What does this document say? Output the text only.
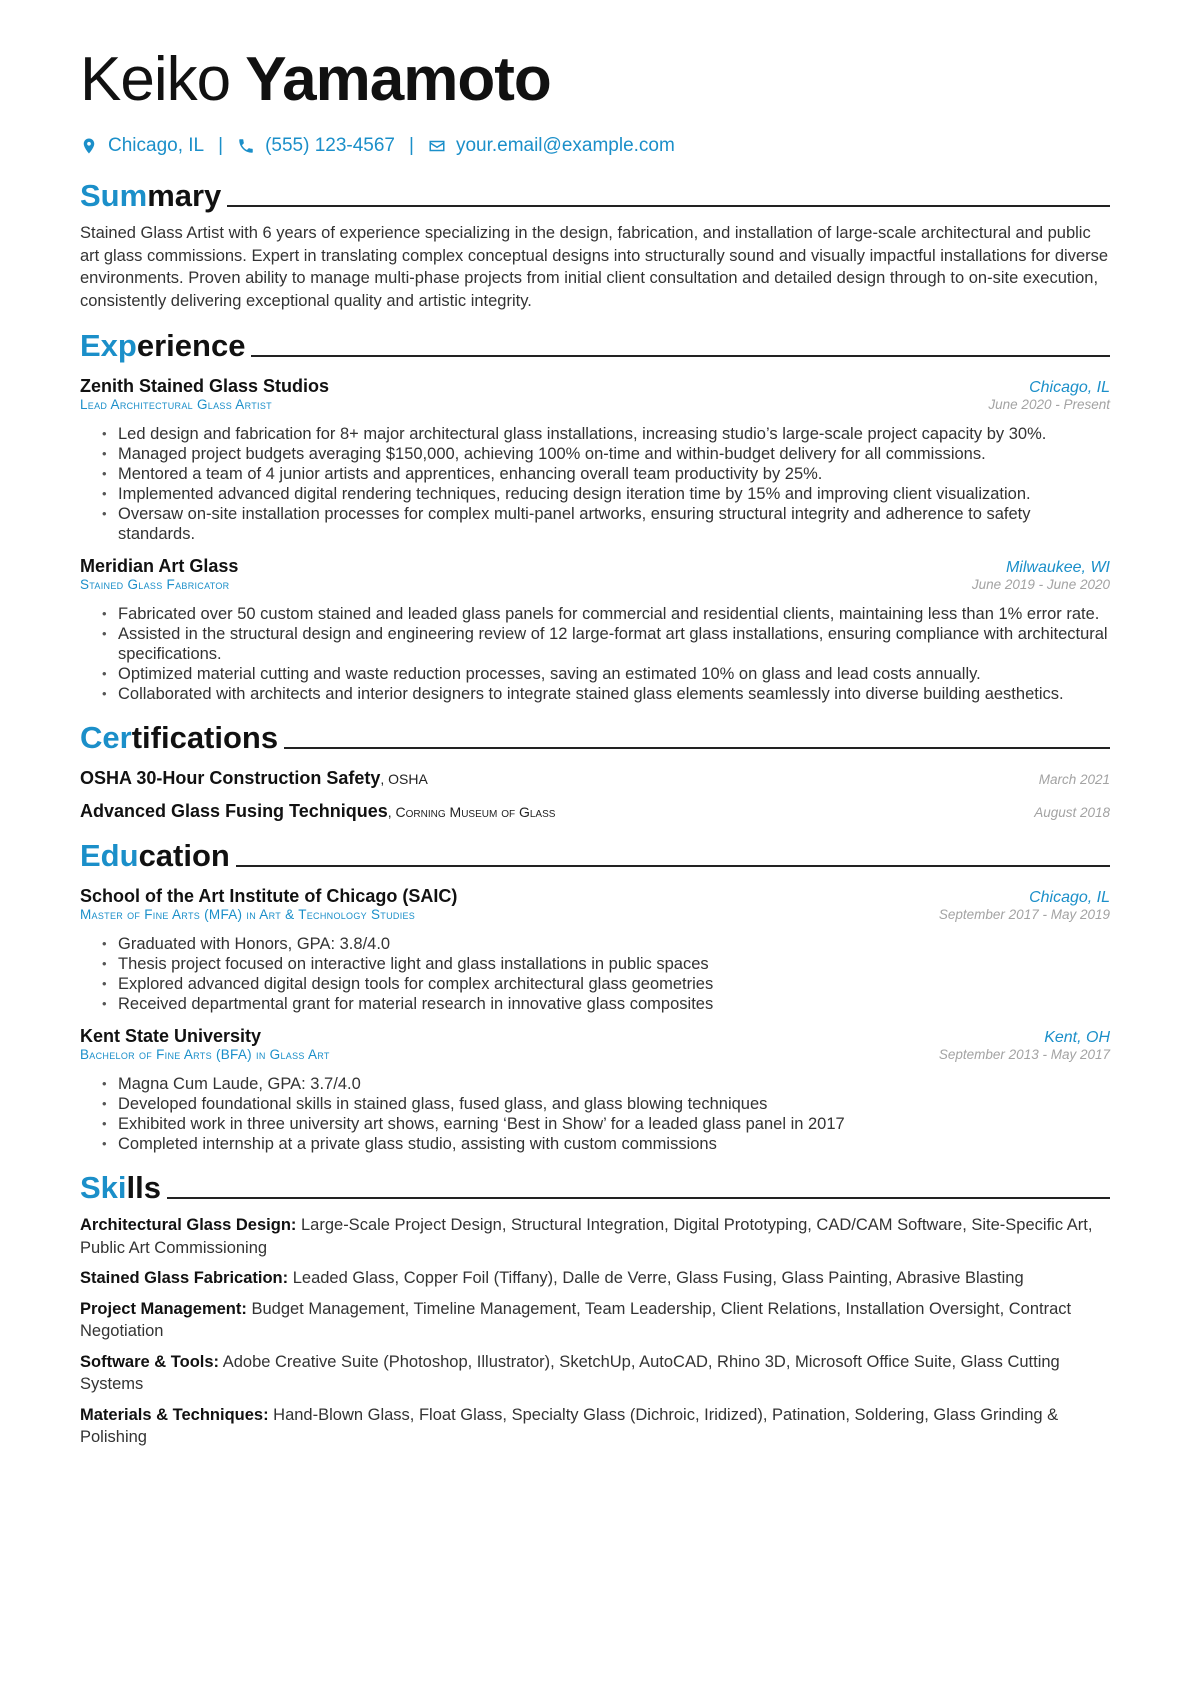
Keiko Yamamoto
Chicago, IL | (555) 123-4567 | your.email@example.com
Summary
Stained Glass Artist with 6 years of experience specializing in the design, fabrication, and installation of large-scale architectural and public art glass commissions. Expert in translating complex conceptual designs into structurally sound and visually impactful installations for diverse environments. Proven ability to manage multi-phase projects from initial client consultation and detailed design through to on-site execution, consistently delivering exceptional quality and artistic integrity.
Experience
Zenith Stained Glass Studios	Chicago, IL
Lead Architectural Glass Artist	June 2020 - Present
• Led design and fabrication for 8+ major architectural glass installations, increasing studio’s large-scale project capacity by 30%.
• Managed project budgets averaging $150,000, achieving 100% on-time and within-budget delivery for all commissions.
• Mentored a team of 4 junior artists and apprentices, enhancing overall team productivity by 25%.
• Implemented advanced digital rendering techniques, reducing design iteration time by 15% and improving client visualization.
• Oversaw on-site installation processes for complex multi-panel artworks, ensuring structural integrity and adherence to safety standards.
Meridian Art Glass	Milwaukee, WI
Stained Glass Fabricator	June 2019 - June 2020
• Fabricated over 50 custom stained and leaded glass panels for commercial and residential clients, maintaining less than 1% error rate.
• Assisted in the structural design and engineering review of 12 large-format art glass installations, ensuring compliance with architectural specifications.
• Optimized material cutting and waste reduction processes, saving an estimated 10% on glass and lead costs annually.
• Collaborated with architects and interior designers to integrate stained glass elements seamlessly into diverse building aesthetics.
Certifications
OSHA 30-Hour Construction Safety, OSHA	March 2021
Advanced Glass Fusing Techniques, Corning Museum of Glass	August 2018
Education
School of the Art Institute of Chicago (SAIC)	Chicago, IL
Master of Fine Arts (MFA) in Art & Technology Studies	September 2017 - May 2019
• Graduated with Honors, GPA: 3.8/4.0
• Thesis project focused on interactive light and glass installations in public spaces
• Explored advanced digital design tools for complex architectural glass geometries
• Received departmental grant for material research in innovative glass composites
Kent State University	Kent, OH
Bachelor of Fine Arts (BFA) in Glass Art	September 2013 - May 2017
• Magna Cum Laude, GPA: 3.7/4.0
• Developed foundational skills in stained glass, fused glass, and glass blowing techniques
• Exhibited work in three university art shows, earning ‘Best in Show’ for a leaded glass panel in 2017
• Completed internship at a private glass studio, assisting with custom commissions
Skills
Architectural Glass Design: Large-Scale Project Design, Structural Integration, Digital Prototyping, CAD/CAM Software, Site-Specific Art, Public Art Commissioning
Stained Glass Fabrication: Leaded Glass, Copper Foil (Tiffany), Dalle de Verre, Glass Fusing, Glass Painting, Abrasive Blasting
Project Management: Budget Management, Timeline Management, Team Leadership, Client Relations, Installation Oversight, Contract Negotiation
Software & Tools: Adobe Creative Suite (Photoshop, Illustrator), SketchUp, AutoCAD, Rhino 3D, Microsoft Office Suite, Glass Cutting Systems
Materials & Techniques: Hand-Blown Glass, Float Glass, Specialty Glass (Dichroic, Iridized), Patination, Soldering, Glass Grinding & Polishing
